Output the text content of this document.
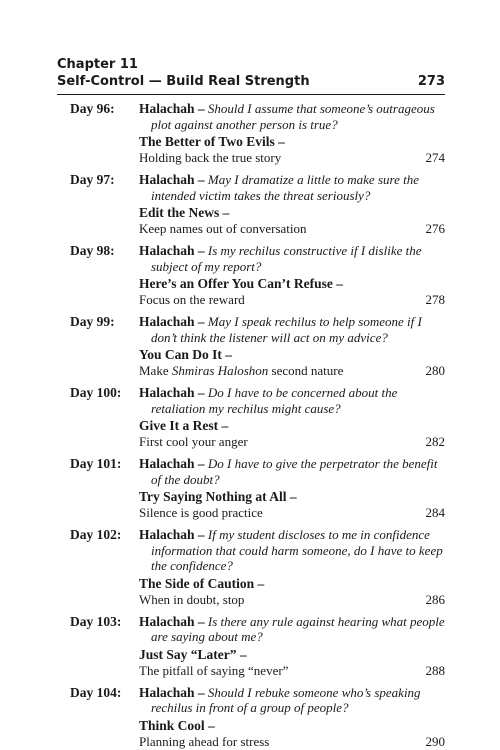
Chapter 11
Self-Control — Build Real Strength	273
Day 96:	Halachah – Should I assume that someone’s outrageous plot against another person is true?
The Better of Two Evils –
Holding back the true story	274
Day 97:	Halachah – May I dramatize a little to make sure the intended victim takes the threat seriously?
Edit the News –
Keep names out of conversation	276
Day 98:	Halachah – Is my rechilus constructive if I dislike the subject of my report?
Here’s an Offer You Can’t Refuse –
Focus on the reward	278
Day 99:	Halachah – May I speak rechilus to help someone if I don’t think the listener will act on my advice?
You Can Do It –
Make Shmiras Haloshon second nature	280
Day 100:	Halachah – Do I have to be concerned about the retaliation my rechilus might cause?
Give It a Rest –
First cool your anger	282
Day 101:	Halachah – Do I have to give the perpetrator the benefit of the doubt?
Try Saying Nothing at All –
Silence is good practice	284
Day 102:	Halachah – If my student discloses to me in confidence information that could harm someone, do I have to keep the confidence?
The Side of Caution –
When in doubt, stop	286
Day 103:	Halachah – Is there any rule against hearing what people are saying about me?
Just Say “Later” –
The pitfall of saying “never”	288
Day 104:	Halachah – Should I rebuke someone who’s speaking rechilus in front of a group of people?
Think Cool –
Planning ahead for stress	290
